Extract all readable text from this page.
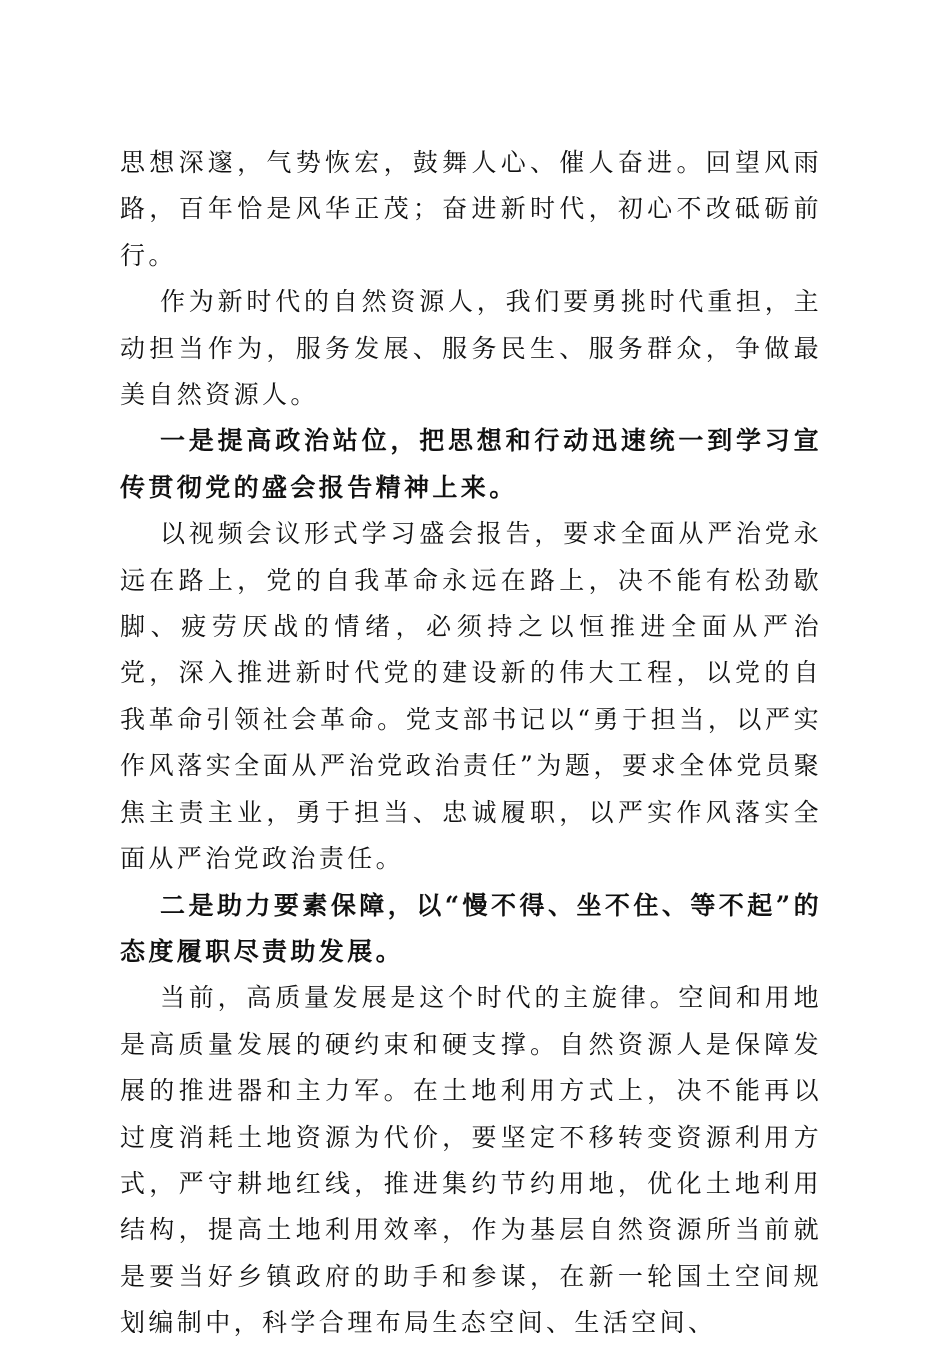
思想深邃，气势恢宏，鼓舞人心、催人奋进。回望风雨路，百年恰是风华正茂；奋进新时代，初心不改砥砺前行。

作为新时代的自然资源人，我们要勇挑时代重担，主动担当作为，服务发展、服务民生、服务群众，争做最美自然资源人。

一是提高政治站位，把思想和行动迅速统一到学习宣传贯彻党的盛会报告精神上来。

以视频会议形式学习盛会报告，要求全面从严治党永远在路上，党的自我革命永远在路上，决不能有松劲歇脚、疲劳厌战的情绪，必须持之以恒推进全面从严治党，深入推进新时代党的建设新的伟大工程，以党的自我革命引领社会革命。党支部书记以“勇于担当，以严实作风落实全面从严治党政治责任”为题，要求全体党员聚焦主责主业，勇于担当、忠诚履职，以严实作风落实全面从严治党政治责任。

二是助力要素保障，以“慢不得、坐不住、等不起”的态度履职尽责助发展。

当前，高质量发展是这个时代的主旋律。空间和用地是高质量发展的硬约束和硬支撑。自然资源人是保障发展的推进器和主力军。在土地利用方式上，决不能再以过度消耗土地资源为代价，要坚定不移转变资源利用方式，严守耕地红线，推进集约节约用地，优化土地利用结构，提高土地利用效率，作为基层自然资源所当前就是要当好乡镇政府的助手和参谋，在新一轮国土空间规划编制中，科学合理布局生态空间、生活空间、
